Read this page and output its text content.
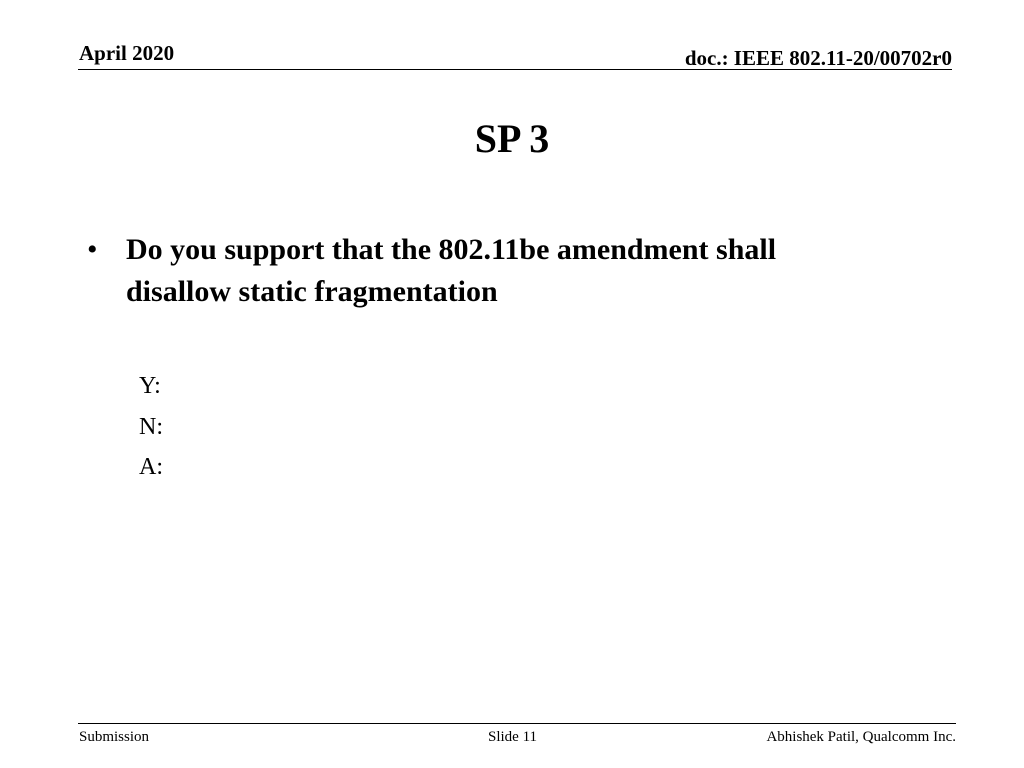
April 2020	doc.: IEEE 802.11-20/00702r0
SP 3
• Do you support that the 802.11be amendment shall disallow static fragmentation
Y:
N:
A:
Submission	Slide 11	Abhishek Patil, Qualcomm Inc.
